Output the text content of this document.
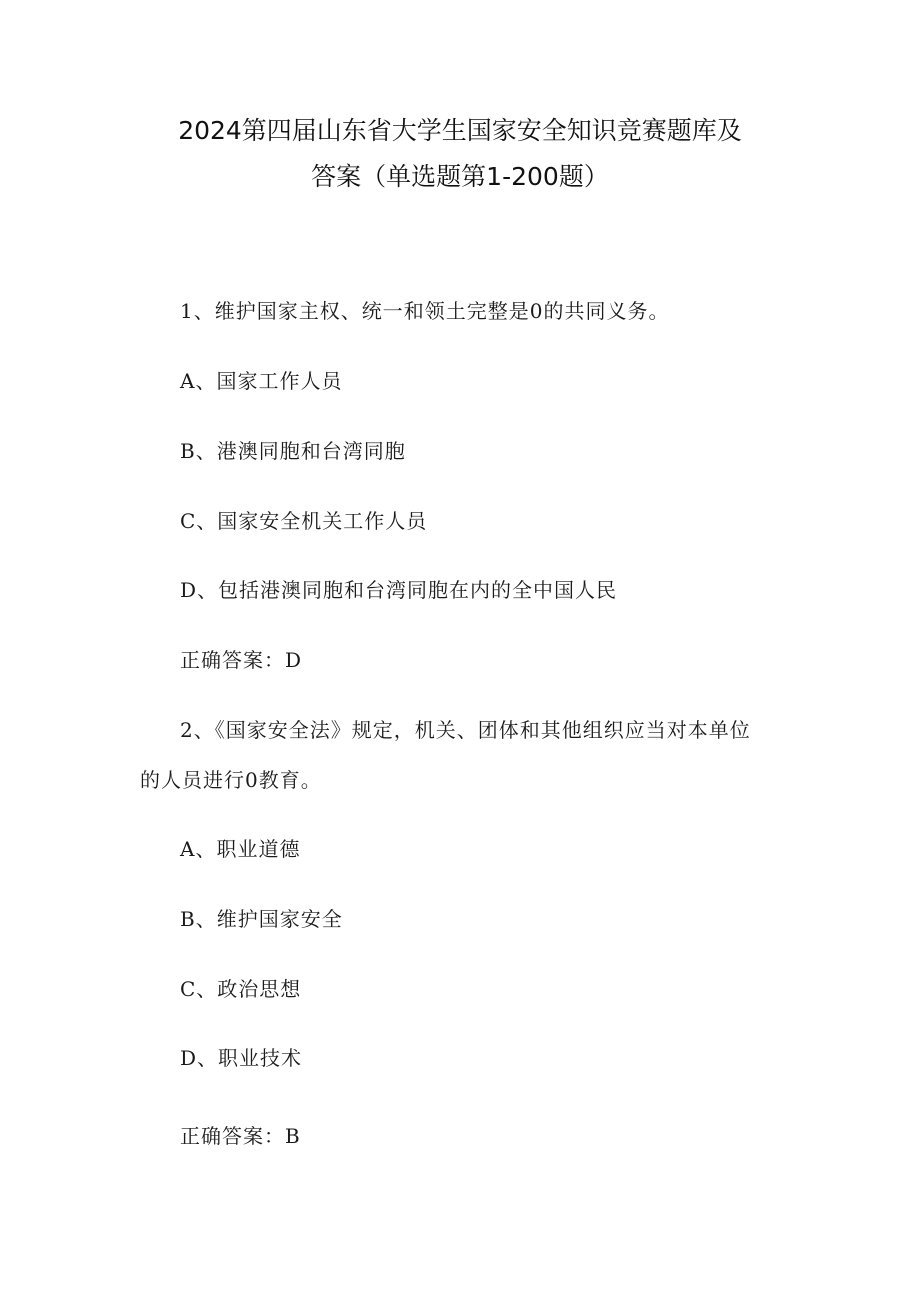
2024第四届山东省大学生国家安全知识竞赛题库及
答案（单选题第1-200题）
1、维护国家主权、统一和领土完整是0的共同义务。
A、国家工作人员
B、港澳同胞和台湾同胞
C、国家安全机关工作人员
D、包括港澳同胞和台湾同胞在内的全中国人民
正确答案：D
2、《国家安全法》规定，机关、团体和其他组织应当对本单位
的人员进行0教育。
A、职业道德
B、维护国家安全
C、政治思想
D、职业技术
正确答案：B
